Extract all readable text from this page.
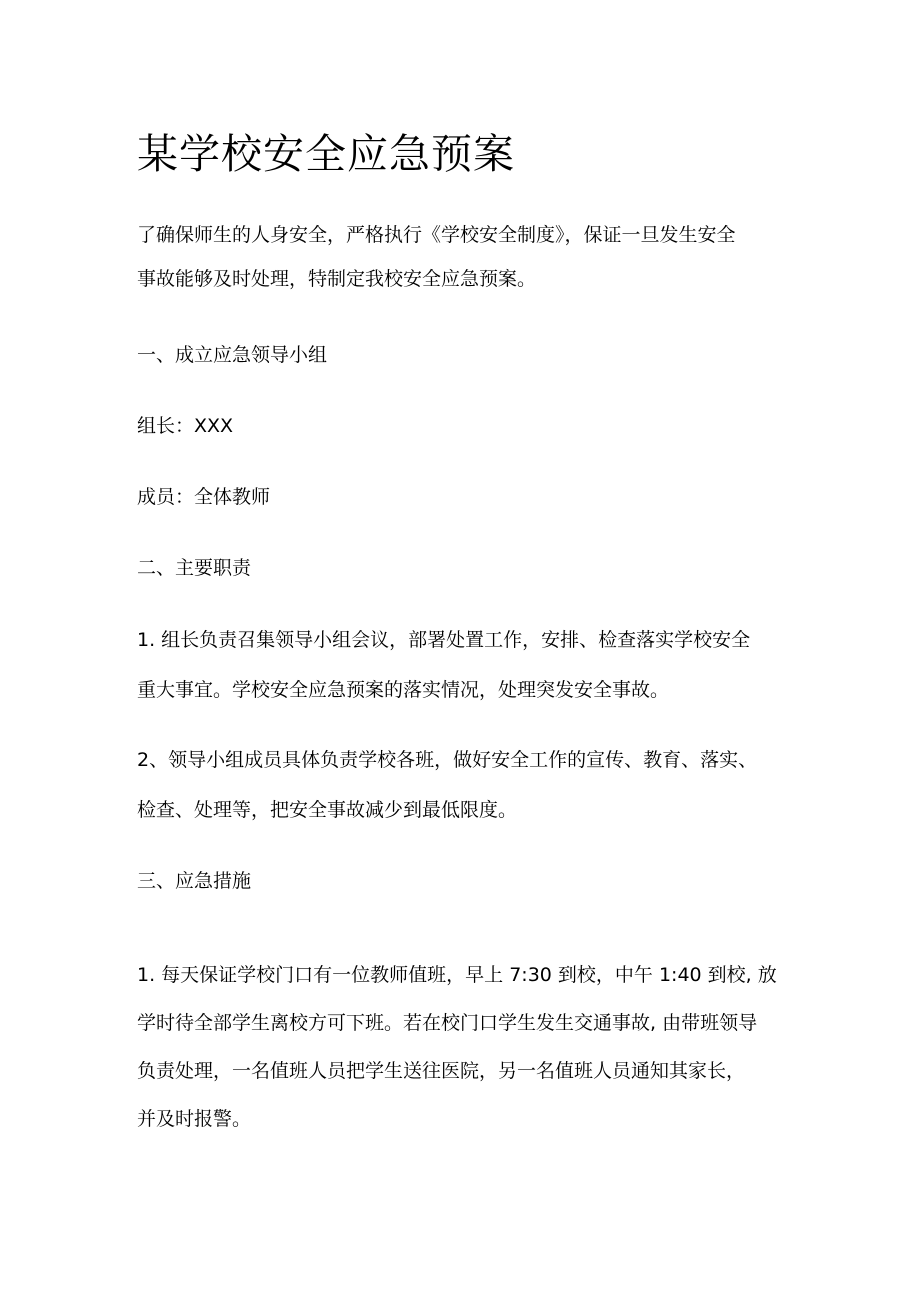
某学校安全应急预案

了确保师生的人身安全，严格执行《学校安全制度》，保证一旦发生安全
事故能够及时处理，特制定我校安全应急预案。

一、成立应急领导小组

组长：XXX

成员：全体教师

二、主要职责

1. 组长负责召集领导小组会议，部署处置工作，安排、检查落实学校安全
重大事宜。学校安全应急预案的落实情况，处理突发安全事故。

2、领导小组成员具体负责学校各班，做好安全工作的宣传、教育、落实、
检查、处理等，把安全事故减少到最低限度。

三、应急措施

1. 每天保证学校门口有一位教师值班，早上 7:30 到校，中午 1:40 到校, 放
学时待全部学生离校方可下班。若在校门口学生发生交通事故, 由带班领导
负责处理，一名值班人员把学生送往医院，另一名值班人员通知其家长，
并及时报警。
